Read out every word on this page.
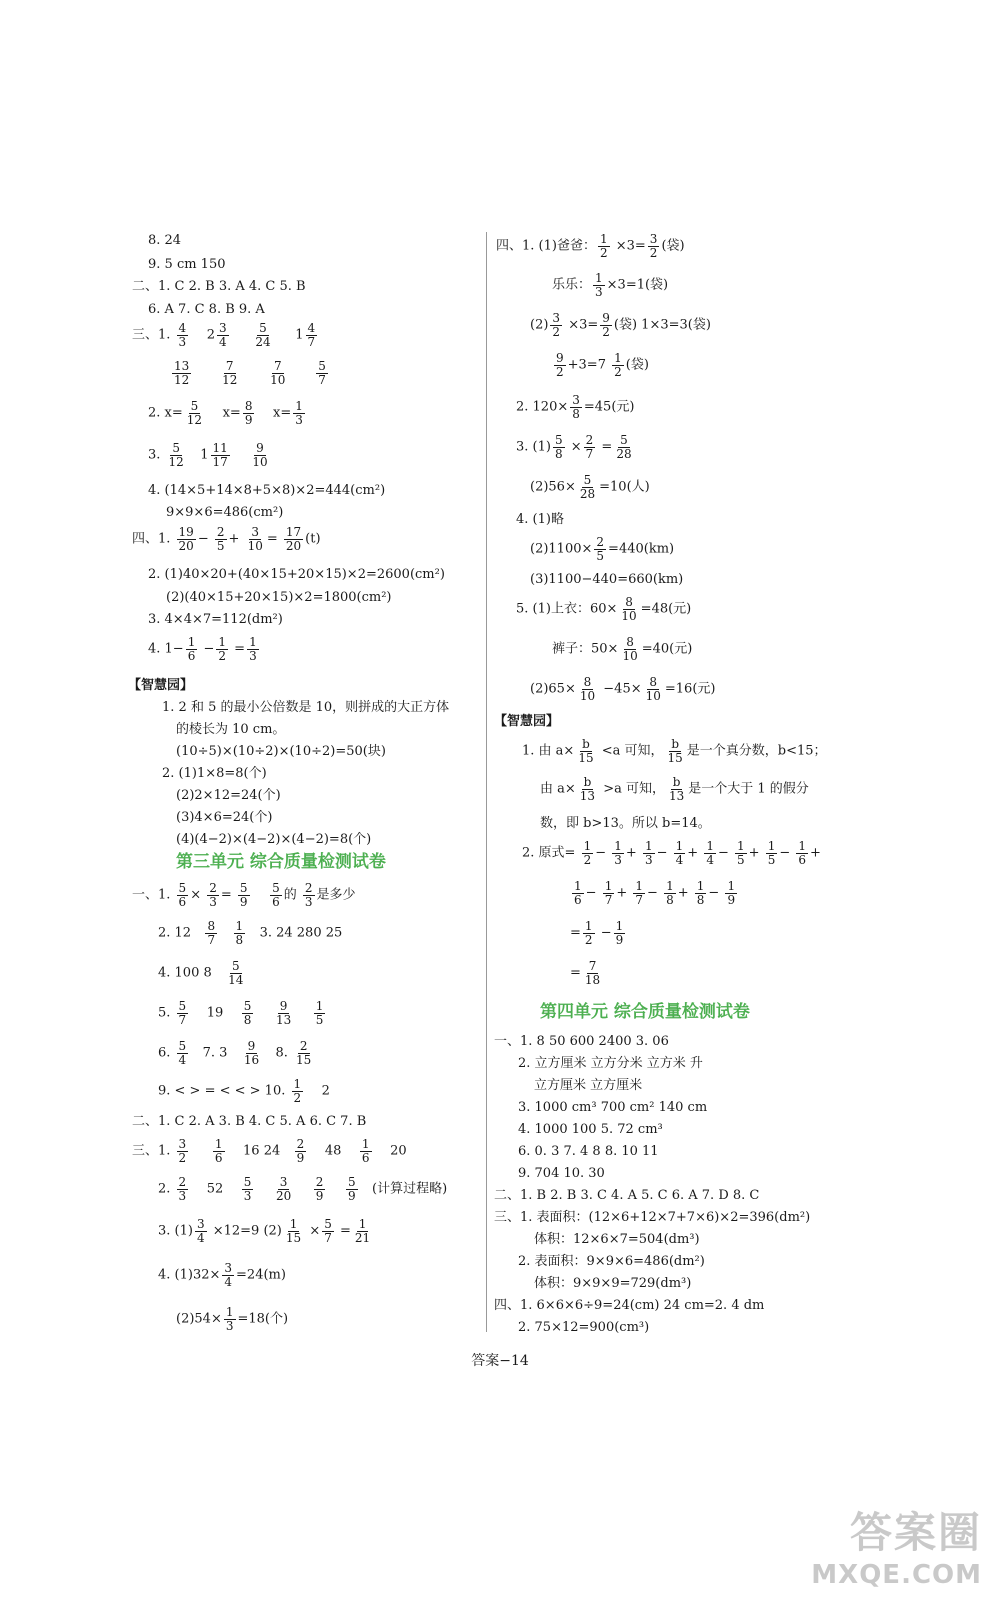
8. 24
9. 5 cm 150
二、1. C 2. B 3. A 4. C 5. B
6. A 7. C 8. B 9. A
三、1. $\frac{4}{3} 2 \frac{3}{4}$
$\frac{5}{24} 1 \frac{4}{7}$
$\frac{13}{12}$
$\frac{7}{12}$
$\frac{7}{10}$
$\frac{5}{7}$
2. $x= \frac{5}{12} x= \frac{8}{9} x= \frac{1}{3}$
3. $\frac{5}{12} 1 \frac{11}{17}$
$\frac{9}{10}$
4. (14×5+14×8+5×8)×2=444(cm²)
9×9×6=486(cm²)
四、1. $\frac{19}{20} - \frac{2}{5} + \frac{3}{10} = \frac{17}{20} (t)$
2. (1)40×20+(40×15+20×15)×2=2600(cm²)
(2)(40×15+20×15)×2=1800(cm²)
3. 4×4×7=112(dm²)
4. $1- \frac{1}{6} - \frac{1}{2} = \frac{1}{3}$
【智慧园】
1. 2 和 5 的最小公倍数是 10，则拼成的大正方体
的棱长为 10 cm。
(10÷5)×(10÷2)×(10÷2)=50(块)
2. (1)1×8=8(个)
(2)2×12=24(个)
(3)4×6=24(个)
(4)(4−2)×(4−2)×(4−2)=8(个)
第三单元 综合质量检测试卷
一、1. $\frac{5}{6} \times \frac{2}{3} = \frac{5}{9}$
$\frac{5}{6}$ 的 $\frac{2}{3}$ 是多少
2. $12 \frac{8}{7}$
$\frac{1}{8} 3$. 24 280 25
4. 100 $8 \frac{5}{14}$
5. $\frac{5}{7} 19 \frac{5}{8}$
$\frac{9}{13}$
$\frac{1}{5}$
6. $\frac{5}{4} 7$. $3 \frac{9}{16} 8$. $\frac{2}{15}$
9. < > = < < > 10. $\frac{1}{2} 2$
二、1. C 2. A 3. B 4. C 5. A 6. C 7. B
三、1. $\frac{3}{2}$
$\frac{1}{6} 16$ $24 \frac{2}{9} 48 \frac{1}{6} 20$
2. $\frac{2}{3} 52 \frac{5}{3}$
$\frac{3}{20}$
$\frac{2}{9}$
$\frac{5}{9}$ (计算过程略)
3. $(1) \frac{3}{4} \times 12=9$ $(2) \frac{1}{15} \times \frac{5}{7} = \frac{1}{21}$
4. $(1)32\times \frac{3}{4} =24(m)$
$(2)54\times \frac{1}{3} =18$(个)
四、1. (1)爸爸： $\frac{1}{2} \times 3= \frac{3}{2}$ (袋)
乐乐： $\frac{1}{3} \times 3=1$(袋)
$(2) \frac{3}{2} \times 3= \frac{9}{2}$ (袋) 1×3=3(袋)
$\frac{9}{2} +3=7 \frac{1}{2}$ (袋)
2. $120\times \frac{3}{8} =45$(元)
3. $(1) \frac{5}{8} \times \frac{2}{7} = \frac{5}{28}$
$(2)56\times \frac{5}{28} =10$(人)
4. (1)略
$(2)1100\times \frac{2}{5} =440(km)$
(3)1100−440=660(km)
5. (1)上衣：$60\times \frac{8}{10} =48$(元)
裤子：$50\times \frac{8}{10} =40$(元)
$(2)65\times \frac{8}{10} -45\times \frac{8}{10} =16$(元)
【智慧园】
1. 由 $a\times \frac{b}{15} <a$ 可知， $\frac{b}{15}$ 是一个真分数，b<15；
由 $a\times \frac{b}{13} >a$ 可知， $\frac{b}{13}$ 是一个大于 1 的假分
数，即 b>13。所以 b=14。
2. 原式= $\frac{1}{2} - \frac{1}{3} + \frac{1}{3} - \frac{1}{4} + \frac{1}{4} - \frac{1}{5} + \frac{1}{5} - \frac{1}{6}$ +
$\frac{1}{6} - \frac{1}{7} + \frac{1}{7} - \frac{1}{8} + \frac{1}{8} - \frac{1}{9}$
= $\frac{1}{2} - \frac{1}{9}$
= $\frac{7}{18}$
第四单元 综合质量检测试卷
一、1. 8 50 600 2400 3. 06
2. 立方厘米 立方分米 立方米 升
立方厘米 立方厘米
3. 1000 cm³ 700 cm² 140 cm
4. 1000 100 5. 72 cm³
6. 0. 3 7. 4 8 8. 10 11
9. 704 10. 30
二、1. B 2. B 3. C 4. A 5. C 6. A 7. D 8. C
三、1. 表面积：(12×6+12×7+7×6)×2=396(dm²)
体积：12×6×7=504(dm³)
2. 表面积：9×9×6=486(dm²)
体积：9×9×9=729(dm³)
四、1. 6×6×6÷9=24(cm) 24 cm=2. 4 dm
2. 75×12=900(cm³)
答案−14
答案圈
MXQE.COM
